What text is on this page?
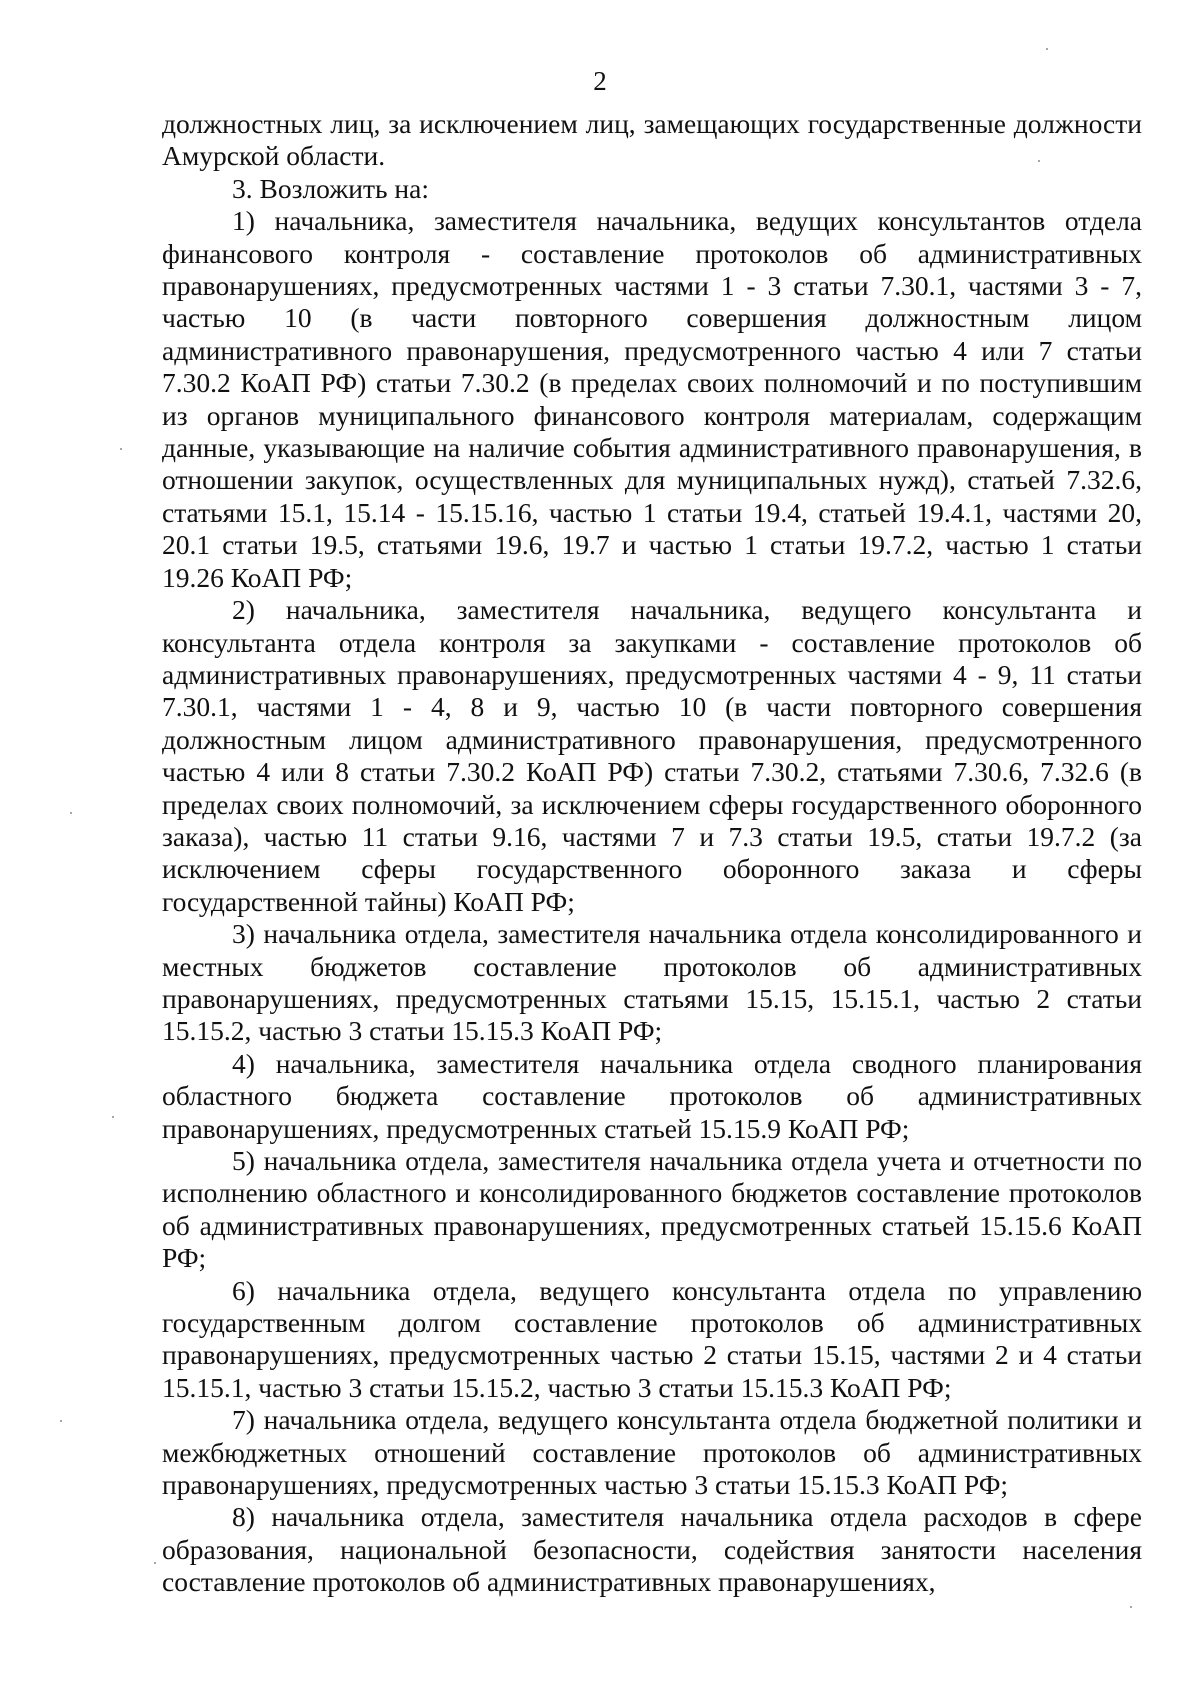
2

должностных лиц, за исключением лиц, замещающих государственные должности Амурской области.

3. Возложить на:

1) начальника, заместителя начальника, ведущих консультантов отдела финансового контроля - составление протоколов об административных правонарушениях, предусмотренных частями 1 - 3 статьи 7.30.1, частями 3 - 7, частью 10 (в части повторного совершения должностным лицом административного правонарушения, предусмотренного частью 4 или 7 статьи 7.30.2 КоАП РФ) статьи 7.30.2 (в пределах своих полномочий и по поступившим из органов муниципального финансового контроля материалам, содержащим данные, указывающие на наличие события административного правонарушения, в отношении закупок, осуществленных для муниципальных нужд), статьей 7.32.6, статьями 15.1, 15.14 - 15.15.16, частью 1 статьи 19.4, статьей 19.4.1, частями 20, 20.1 статьи 19.5, статьями 19.6, 19.7 и частью 1 статьи 19.7.2, частью 1 статьи 19.26 КоАП РФ;

2) начальника, заместителя начальника, ведущего консультанта и консультанта отдела контроля за закупками - составление протоколов об административных правонарушениях, предусмотренных частями 4 - 9, 11 статьи 7.30.1, частями 1 - 4, 8 и 9, частью 10 (в части повторного совершения должностным лицом административного правонарушения, предусмотренного частью 4 или 8 статьи 7.30.2 КоАП РФ) статьи 7.30.2, статьями 7.30.6, 7.32.6 (в пределах своих полномочий, за исключением сферы государственного оборонного заказа), частью 11 статьи 9.16, частями 7 и 7.3 статьи 19.5, статьи 19.7.2 (за исключением сферы государственного оборонного заказа и сферы государственной тайны) КоАП РФ;

3) начальника отдела, заместителя начальника отдела консолидированного и местных бюджетов составление протоколов об административных правонарушениях, предусмотренных статьями 15.15, 15.15.1, частью 2 статьи 15.15.2, частью 3 статьи 15.15.3 КоАП РФ;

4) начальника, заместителя начальника отдела сводного планирования областного бюджета составление протоколов об административных правонарушениях, предусмотренных статьей 15.15.9 КоАП РФ;

5) начальника отдела, заместителя начальника отдела учета и отчетности по исполнению областного и консолидированного бюджетов составление протоколов об административных правонарушениях, предусмотренных статьей 15.15.6 КоАП РФ;

6) начальника отдела, ведущего консультанта отдела по управлению государственным долгом составление протоколов об административных правонарушениях, предусмотренных частью 2 статьи 15.15, частями 2 и 4 статьи 15.15.1, частью 3 статьи 15.15.2, частью 3 статьи 15.15.3 КоАП РФ;

7) начальника отдела, ведущего консультанта отдела бюджетной политики и межбюджетных отношений составление протоколов об административных правонарушениях, предусмотренных частью 3 статьи 15.15.3 КоАП РФ;

8) начальника отдела, заместителя начальника отдела расходов в сфере образования, национальной безопасности, содействия занятости населения составление протоколов об административных правонарушениях,
